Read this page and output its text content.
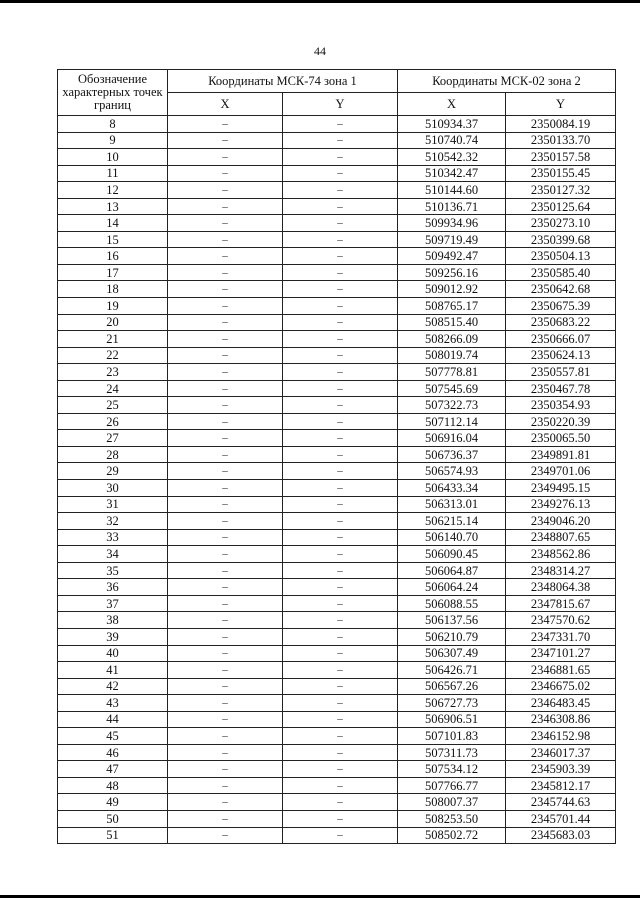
44
Обозначение характерных точек границ	Координаты МСК-74 зона 1		Координаты МСК-02 зона 2	
	X	Y	X	Y
8	–	–	510934.37	2350084.19
9	–	–	510740.74	2350133.70
10	–	–	510542.32	2350157.58
11	–	–	510342.47	2350155.45
12	–	–	510144.60	2350127.32
13	–	–	510136.71	2350125.64
14	–	–	509934.96	2350273.10
15	–	–	509719.49	2350399.68
16	–	–	509492.47	2350504.13
17	–	–	509256.16	2350585.40
18	–	–	509012.92	2350642.68
19	–	–	508765.17	2350675.39
20	–	–	508515.40	2350683.22
21	–	–	508266.09	2350666.07
22	–	–	508019.74	2350624.13
23	–	–	507778.81	2350557.81
24	–	–	507545.69	2350467.78
25	–	–	507322.73	2350354.93
26	–	–	507112.14	2350220.39
27	–	–	506916.04	2350065.50
28	–	–	506736.37	2349891.81
29	–	–	506574.93	2349701.06
30	–	–	506433.34	2349495.15
31	–	–	506313.01	2349276.13
32	–	–	506215.14	2349046.20
33	–	–	506140.70	2348807.65
34	–	–	506090.45	2348562.86
35	–	–	506064.87	2348314.27
36	–	–	506064.24	2348064.38
37	–	–	506088.55	2347815.67
38	–	–	506137.56	2347570.62
39	–	–	506210.79	2347331.70
40	–	–	506307.49	2347101.27
41	–	–	506426.71	2346881.65
42	–	–	506567.26	2346675.02
43	–	–	506727.73	2346483.45
44	–	–	506906.51	2346308.86
45	–	–	507101.83	2346152.98
46	–	–	507311.73	2346017.37
47	–	–	507534.12	2345903.39
48	–	–	507766.77	2345812.17
49	–	–	508007.37	2345744.63
50	–	–	508253.50	2345701.44
51	–	–	508502.72	2345683.03
